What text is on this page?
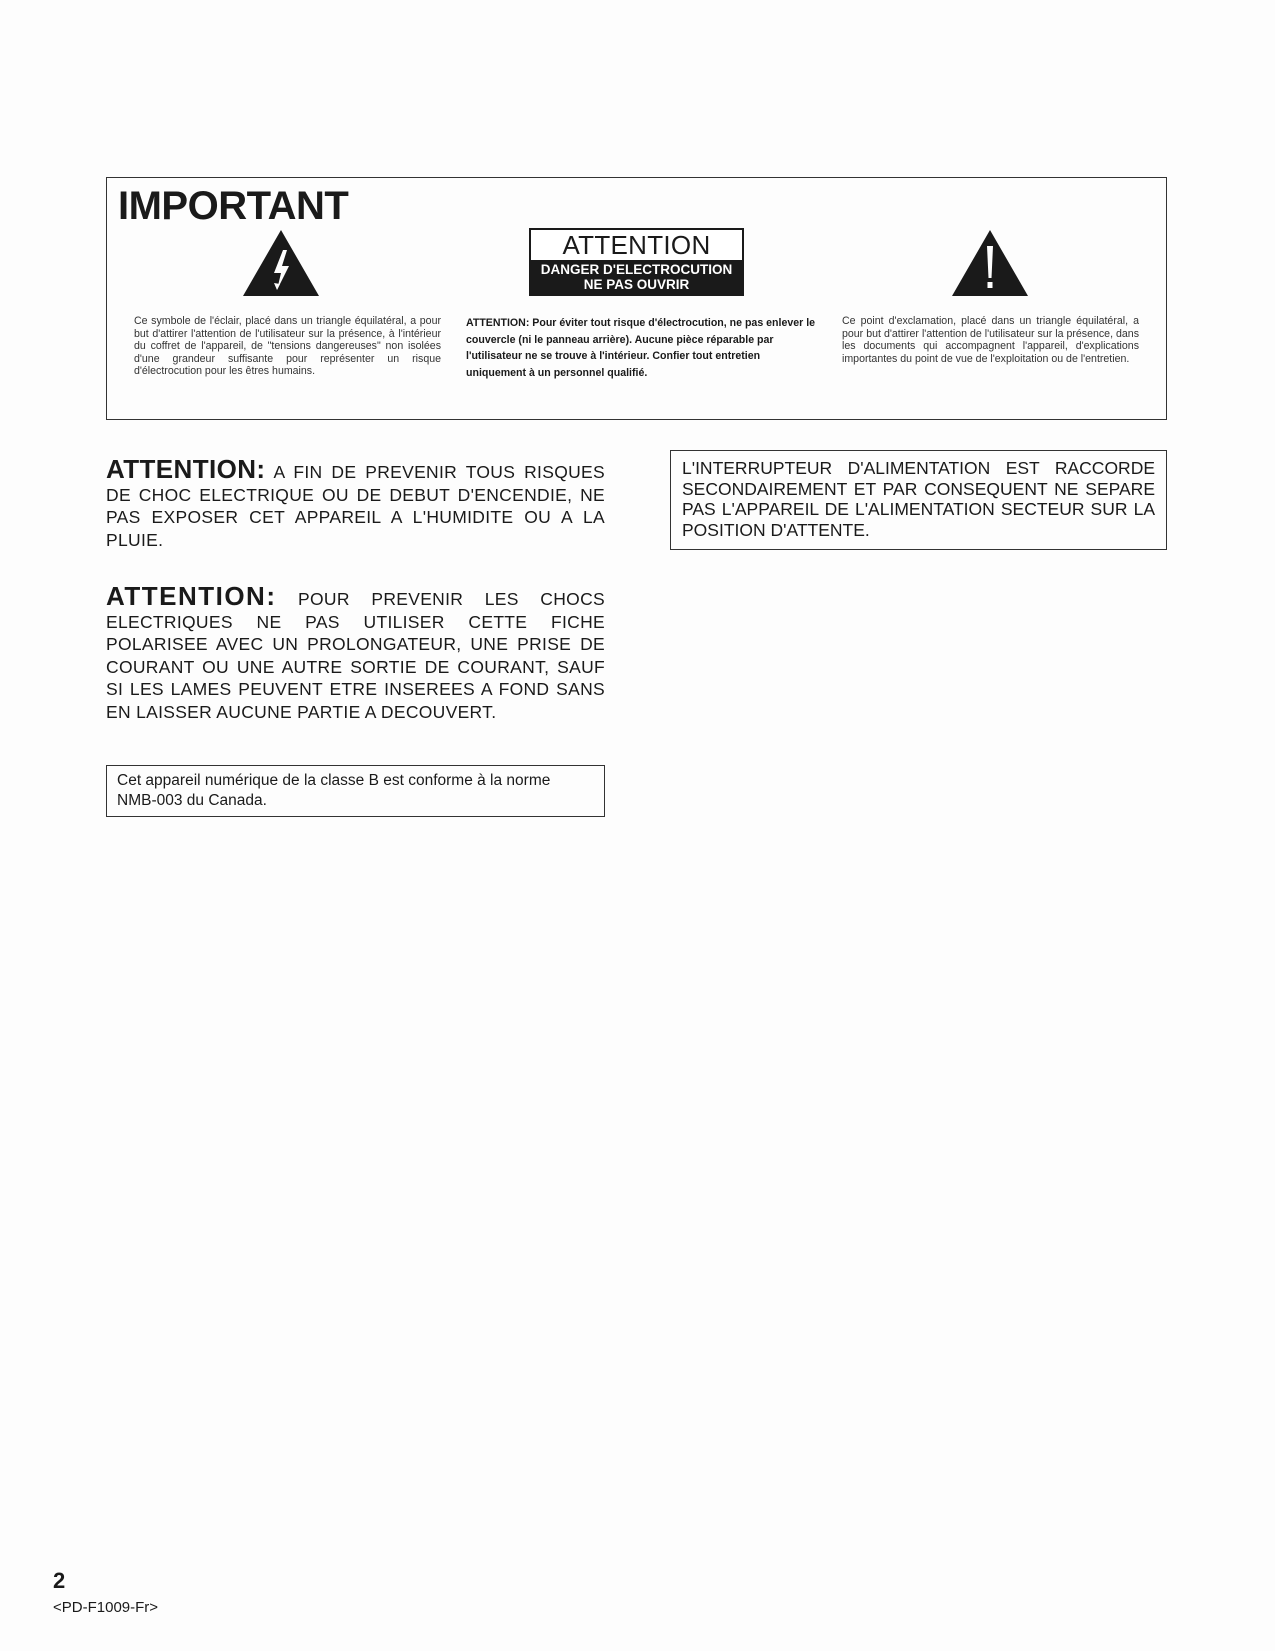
IMPORTANT
ATTENTION
DANGER D'ELECTROCUTION
NE PAS OUVRIR

Ce symbole de l'éclair, placé dans un triangle équilatéral, a pour but d'attirer l'attention de l'utilisateur sur la présence, à l'intérieur du coffret de l'appareil, de "tensions dangereuses" non isolées d'une grandeur suffisante pour représenter un risque d'électrocution pour les êtres humains.

ATTENTION: Pour éviter tout risque d'électrocution, ne pas enlever le couvercle (ni le panneau arrière). Aucune pièce réparable par l'utilisateur ne se trouve à l'intérieur. Confier tout entretien uniquement à un personnel qualifié.

Ce point d'exclamation, placé dans un triangle équilatéral, a pour but d'attirer l'attention de l'utilisateur sur la présence, dans les documents qui accompagnent l'appareil, d'explications importantes du point de vue de l'exploitation ou de l'entretien.

ATTENTION: A FIN DE PREVENIR TOUS RISQUES DE CHOC ELECTRIQUE OU DE DEBUT D'ENCENDIE, NE PAS EXPOSER CET APPAREIL A L'HUMIDITE OU A LA PLUIE.

ATTENTION: POUR PREVENIR LES CHOCS ELECTRIQUES NE PAS UTILISER CETTE FICHE POLARISEE AVEC UN PROLONGATEUR, UNE PRISE DE COURANT OU UNE AUTRE SORTIE DE COURANT, SAUF SI LES LAMES PEUVENT ETRE INSEREES A FOND SANS EN LAISSER AUCUNE PARTIE A DECOUVERT.

Cet appareil numérique de la classe B est conforme à la norme NMB-003 du Canada.
L'INTERRUPTEUR D'ALIMENTATION EST RACCORDE SECONDAIREMENT ET PAR CONSEQUENT NE SEPARE PAS L'APPAREIL DE L'ALIMENTATION SECTEUR SUR LA POSITION D'ATTENTE.
2
<PD-F1009-Fr>
